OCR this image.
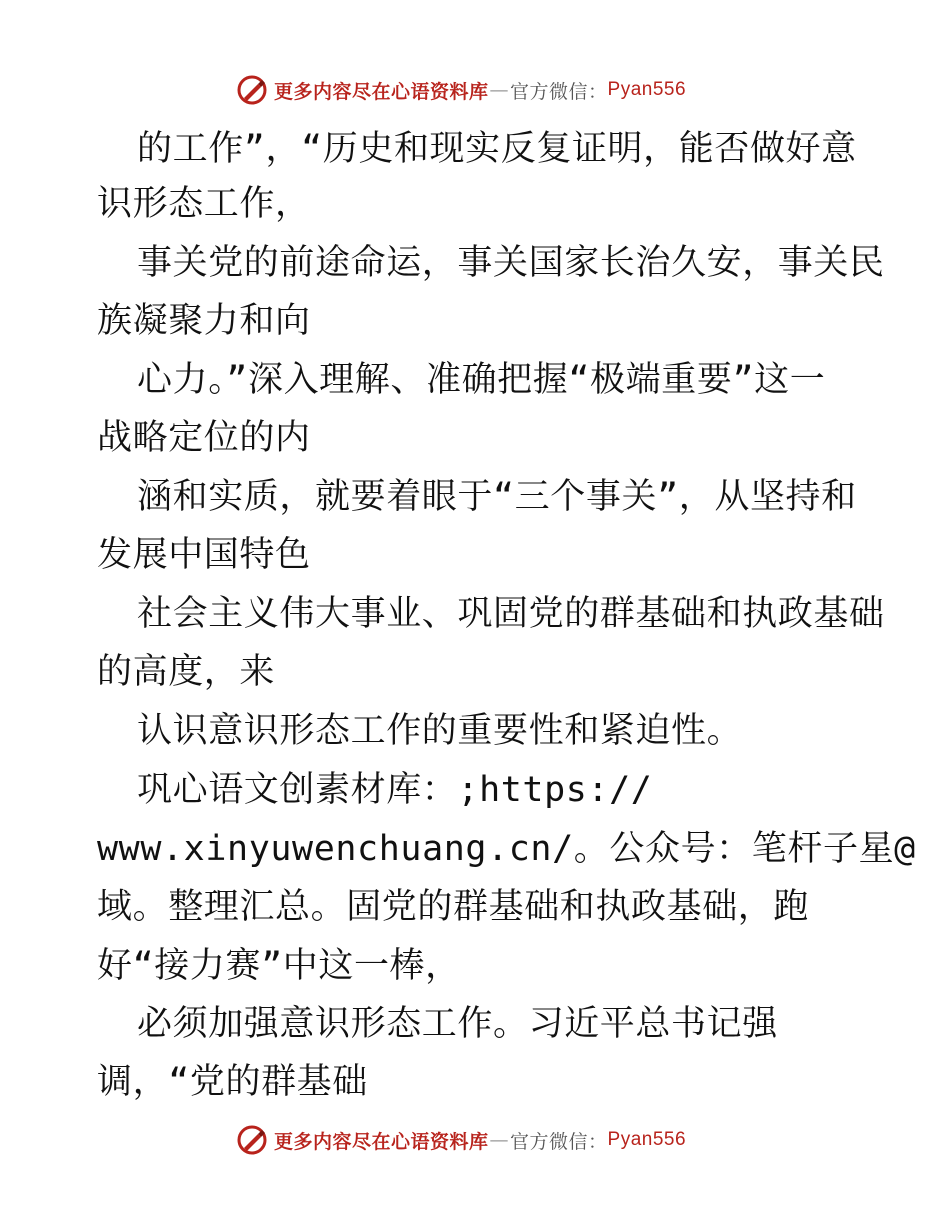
更多内容尽在心语资料库 — 官方微信： Pyan556
的工作”，“历史和现实反复证明，能否做好意
识形态工作，
事关党的前途命运，事关国家长治久安，事关民
族凝聚力和向
心力。”深入理解、准确把握“极端重要”这一
战略定位的内
涵和实质，就要着眼于“三个事关”，从坚持和
发展中国特色
社会主义伟大事业、巩固党的群基础和执政基础
的高度，来
认识意识形态工作的重要性和紧迫性。
巩心语文创素材库：;https://
www.xinyuwenchuang.cn/。公众号：笔杆子星@
域。整理汇总。固党的群基础和执政基础，跑
好“接力赛”中这一棒，
必须加强意识形态工作。习近平总书记强
调，“党的群基础
更多内容尽在心语资料库 — 官方微信： Pyan556
